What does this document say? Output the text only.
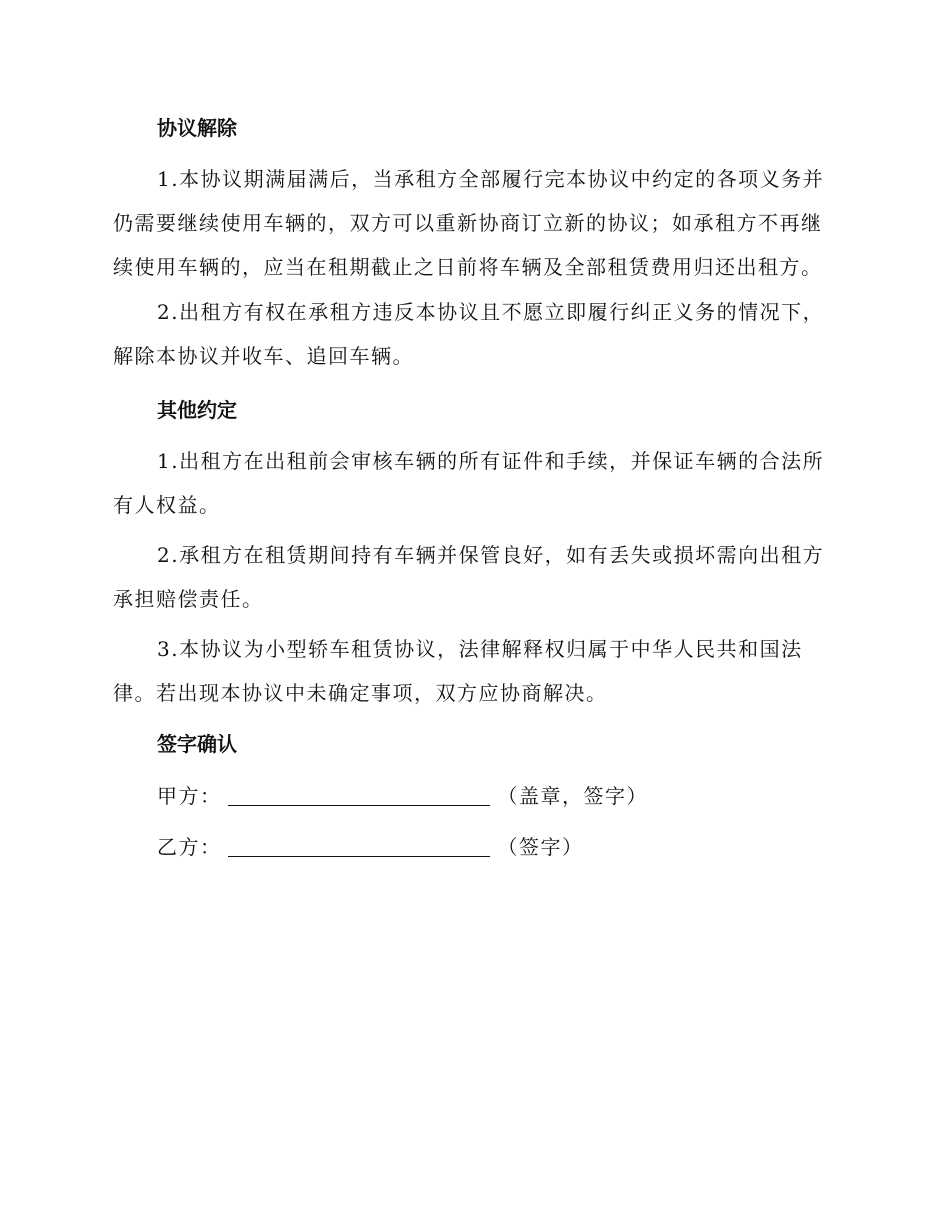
协议解除

1.本协议期满届满后，当承租方全部履行完本协议中约定的各项义务并仍需要继续使用车辆的，双方可以重新协商订立新的协议；如承租方不再继续使用车辆的，应当在租期截止之日前将车辆及全部租赁费用归还出租方。

2.出租方有权在承租方违反本协议且不愿立即履行纠正义务的情况下，解除本协议并收车、追回车辆。

其他约定

1.出租方在出租前会审核车辆的所有证件和手续，并保证车辆的合法所有人权益。

2.承租方在租赁期间持有车辆并保管良好，如有丢失或损坏需向出租方承担赔偿责任。

3.本协议为小型轿车租赁协议，法律解释权归属于中华人民共和国法律。若出现本协议中未确定事项，双方应协商解决。

签字确认
甲方：	（盖章，签字）
乙方：	（签字）
